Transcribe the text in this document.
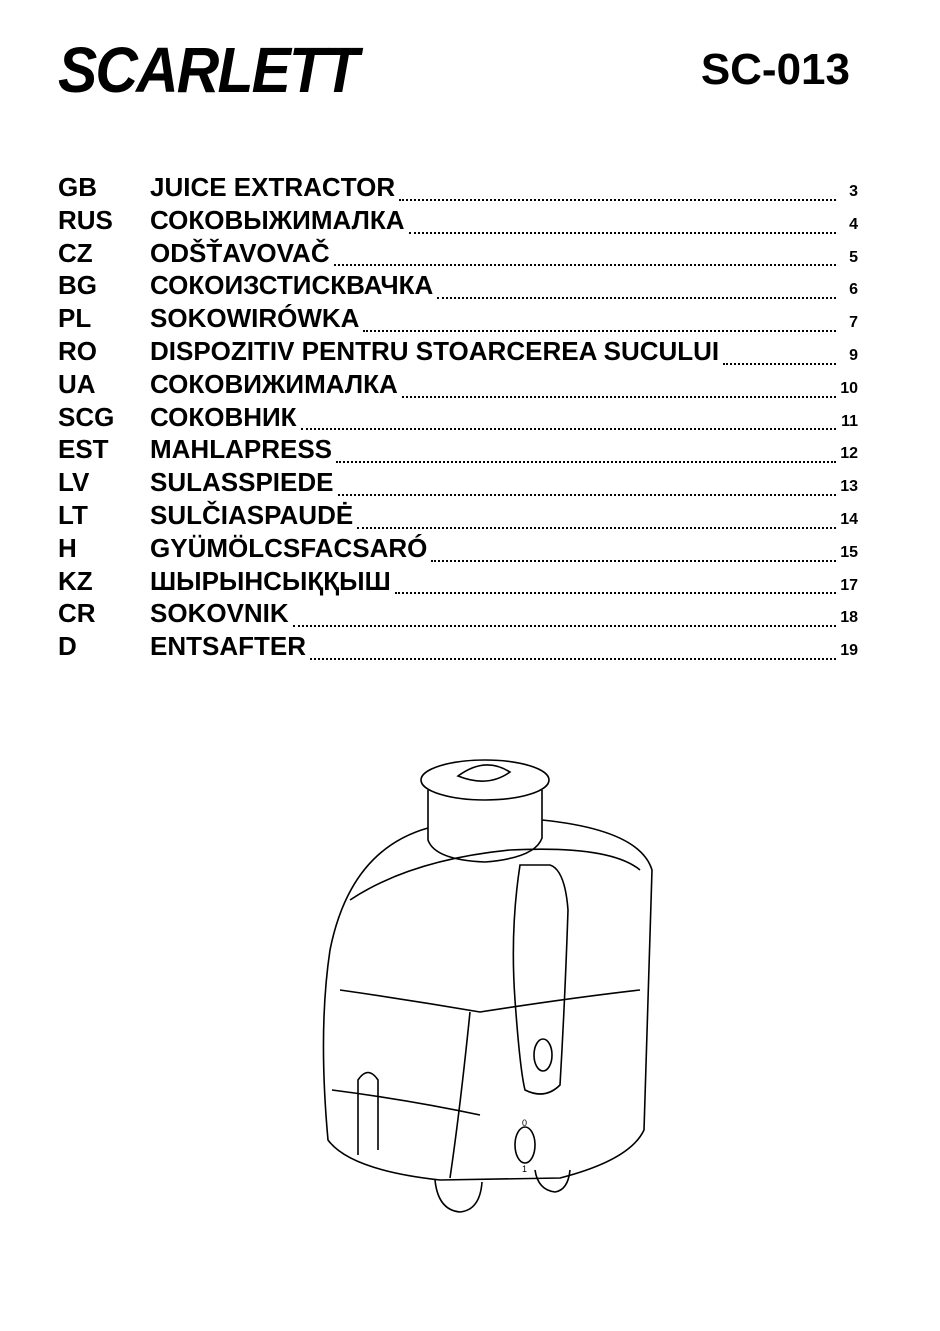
SCARLETT	SC-013
GB	JUICE EXTRACTOR	3
RUS	СОКОВЫЖИМАЛКА	4
CZ	ODŠŤAVOVAČ	5
BG	СОКОИЗСТИСКВАЧКА	6
PL	SOKOWIRÓWKA	7
RO	DISPOZITIV PENTRU STOARCEREA SUCULUI	9
UA	СОКОВИЖИМАЛКА	10
SCG	СОКОВНИК	11
EST	MAHLAPRESS	12
LV	SULASSPIEDE	13
LT	SULČIASPAUDĖ	14
H	GYÜMÖLCSFACSARÓ	15
KZ	ШЫРЫНСЫҚҚЫШ	17
CR	SOKOVNIK	18
D	ENTSAFTER	19
0
1
